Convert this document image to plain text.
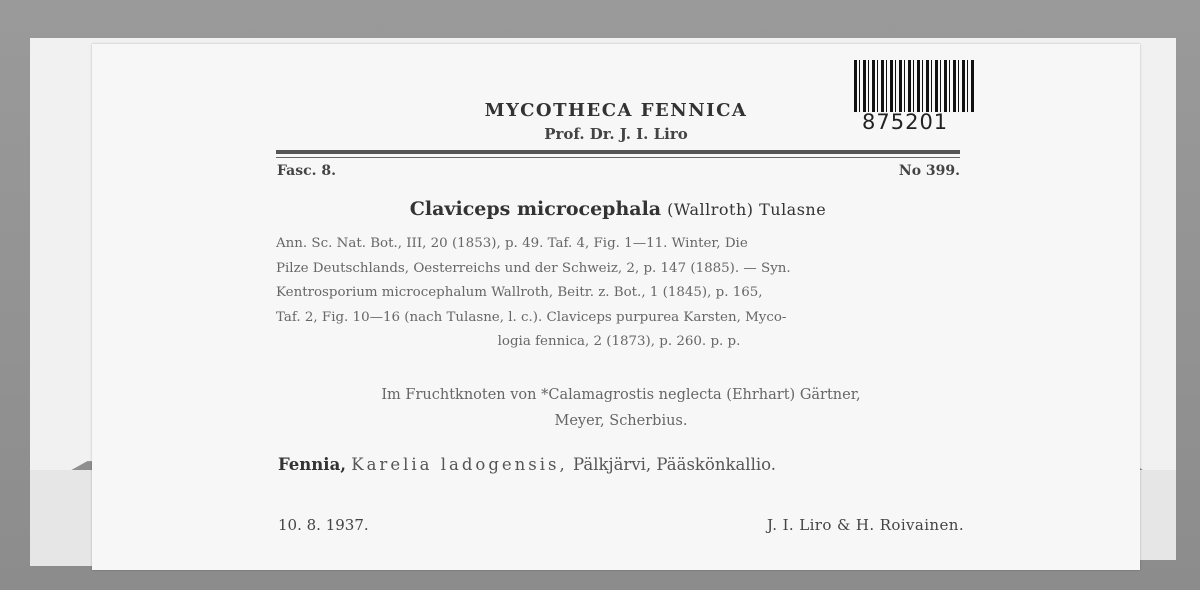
875201
MYCOTHECA FENNICA
Prof. Dr. J. I. Liro
Fasc. 8.	No 399.
Claviceps microcephala (Wallroth) Tulasne
Ann. Sc. Nat. Bot., III, 20 (1853), p. 49. Taf. 4, Fig. 1—11. Winter, Die
Pilze Deutschlands, Oesterreichs und der Schweiz, 2, p. 147 (1885). — Syn.
Kentrosporium microcephalum Wallroth, Beitr. z. Bot., 1 (1845), p. 165,
Taf. 2, Fig. 10—16 (nach Tulasne, l. c.). Claviceps purpurea Karsten, Myco-
logia fennica, 2 (1873), p. 260. p. p.
Im Fruchtknoten von *Calamagrostis neglecta (Ehrhart) Gärtner,
Meyer, Scherbius.
Fennia, Karelia ladogensis, Pälkjärvi, Pääskönkallio.
10. 8. 1937.	J. I. Liro & H. Roivainen.
